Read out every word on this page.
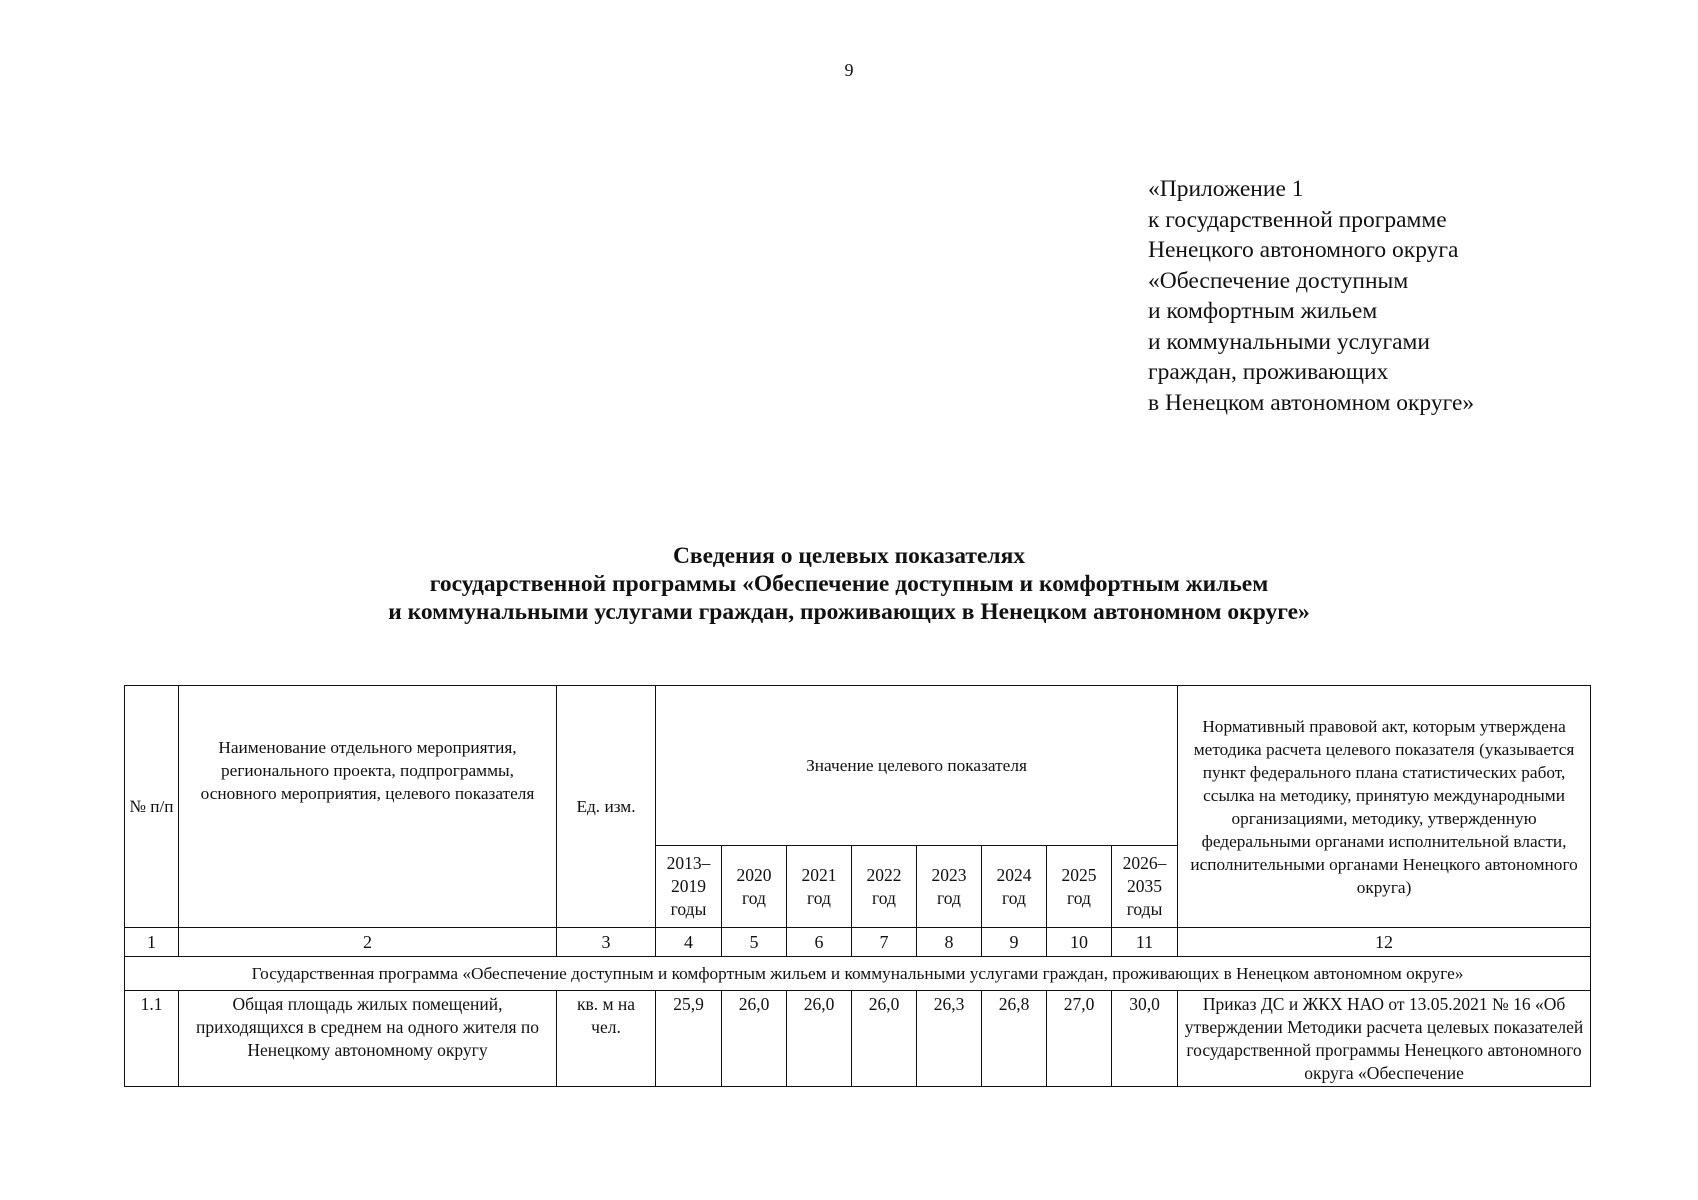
9
«Приложение 1
к государственной программе
Ненецкого автономного округа
«Обеспечение доступным
и комфортным жильем
и коммунальными услугами
граждан, проживающих
в Ненецком автономном округе»
Сведения о целевых показателях
государственной программы «Обеспечение доступным и комфортным жильем
и коммунальными услугами граждан, проживающих в Ненецком автономном округе»
№ п/п	Наименование отдельного мероприятия, регионального проекта, подпрограммы, основного мероприятия, целевого показателя	Ед. изм.	Значение целевого показателя								Нормативный правовой акт, которым утверждена методика расчета целевого показателя (указывается пункт федерального плана статистических работ, ссылка на методику, принятую международными организациями, методику, утвержденную федеральными органами исполнительной власти, исполнительными органами Ненецкого автономного округа)
			2013–2019 годы	2020 год	2021 год	2022 год	2023 год	2024 год	2025 год	2026–2035 годы	
1	2	3	4	5	6	7	8	9	10	11	12
Государственная программа «Обеспечение доступным и комфортным жильем и коммунальными услугами граждан, проживающих в Ненецком автономном округе»											
1.1	Общая площадь жилых помещений, приходящихся в среднем на одного жителя по Ненецкому автономному округу	кв. м на чел.	25,9	26,0	26,0	26,0	26,3	26,8	27,0	30,0	Приказ ДС и ЖКХ НАО от 13.05.2021 № 16 «Об утверждении Методики расчета целевых показателей государственной программы Ненецкого автономного округа «Обеспечение
